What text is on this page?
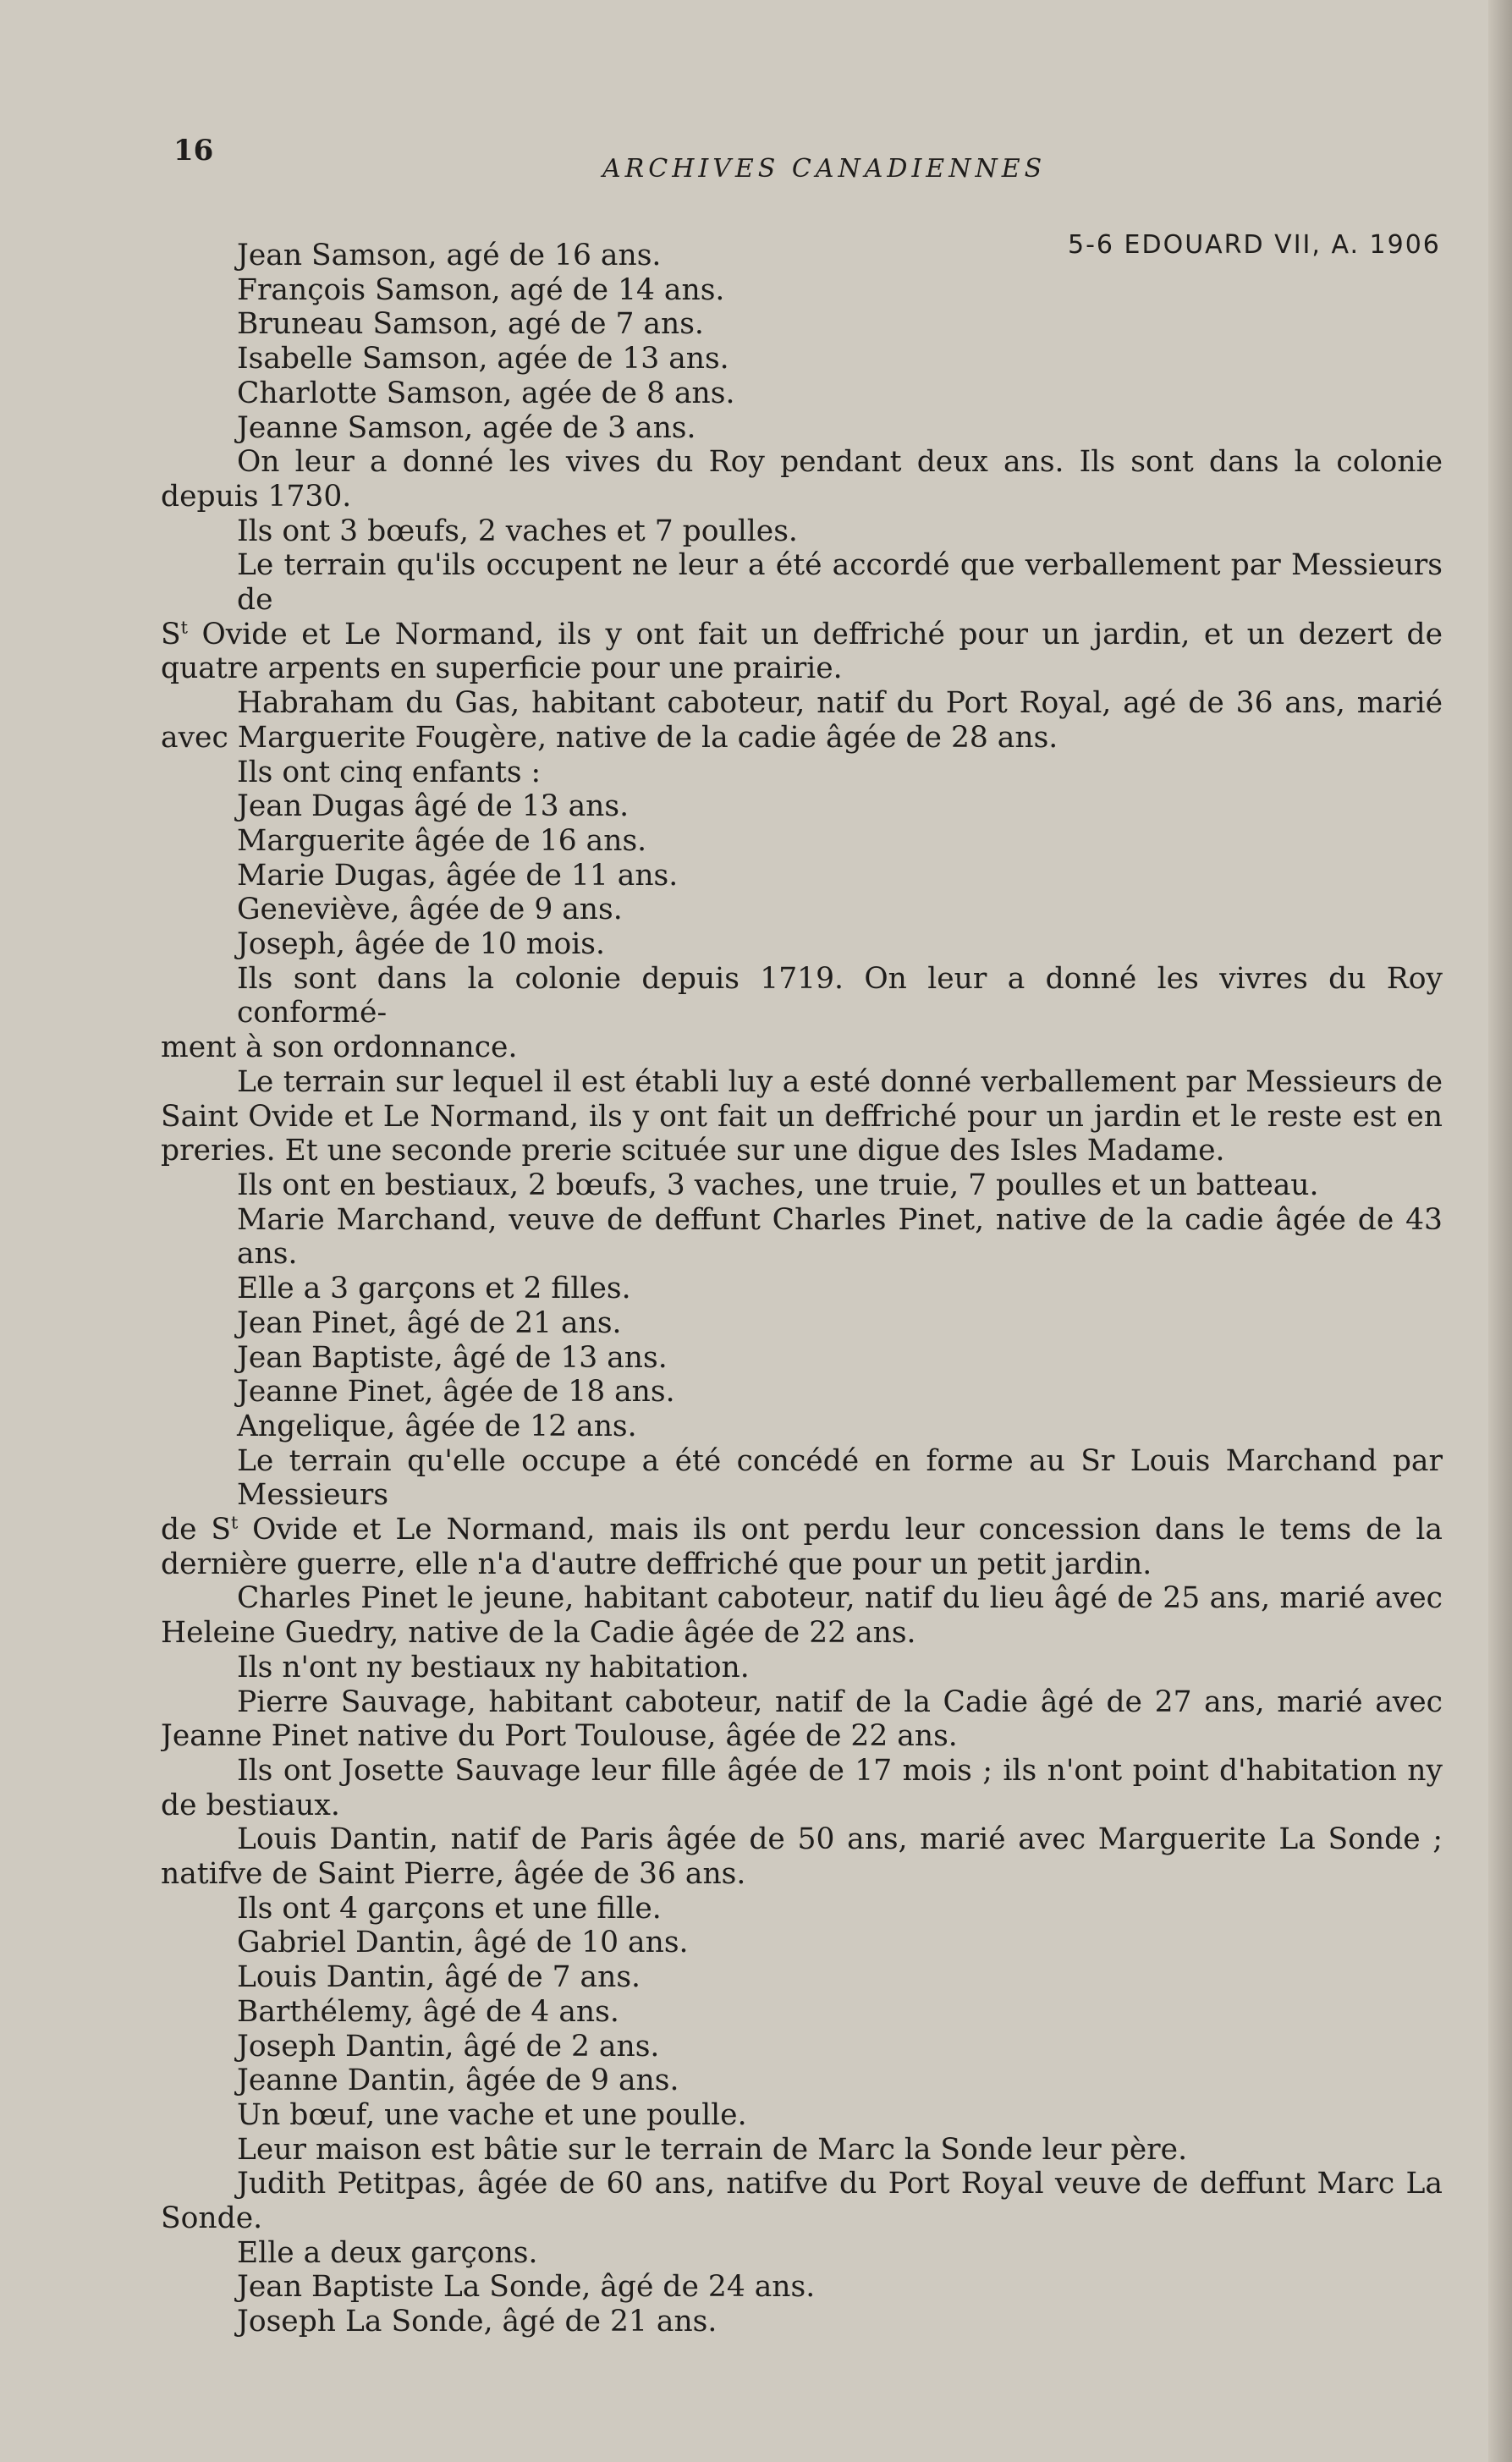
16
ARCHIVES CANADIENNES
5-6 EDOUARD VII, A. 1906
Jean Samson, agé de 16 ans.
François Samson, agé de 14 ans.
Bruneau Samson, agé de 7 ans.
Isabelle Samson, agée de 13 ans.
Charlotte Samson, agée de 8 ans.
Jeanne Samson, agée de 3 ans.
On leur a donné les vives du Roy pendant deux ans. Ils sont dans la colonie
depuis 1730.
Ils ont 3 bœufs, 2 vaches et 7 poulles.
Le terrain qu'ils occupent ne leur a été accordé que verballement par Messieurs de
$S^t$ Ovide et Le Normand, ils y ont fait un deffriché pour un jardin, et un dezert de
quatre arpents en superficie pour une prairie.
Habraham du Gas, habitant caboteur, natif du Port Royal, agé de 36 ans, marié
avec Marguerite Fougère, native de la cadie âgée de 28 ans.
Ils ont cinq enfants :
Jean Dugas âgé de 13 ans.
Marguerite âgée de 16 ans.
Marie Dugas, âgée de 11 ans.
Geneviève, âgée de 9 ans.
Joseph, âgée de 10 mois.
Ils sont dans la colonie depuis 1719. On leur a donné les vivres du Roy conformé-
ment à son ordonnance.
Le terrain sur lequel il est établi luy a esté donné verballement par Messieurs de
Saint Ovide et Le Normand, ils y ont fait un deffriché pour un jardin et le reste est en
preries. Et une seconde prerie scituée sur une digue des Isles Madame.
Ils ont en bestiaux, 2 bœufs, 3 vaches, une truie, 7 poulles et un batteau.
Marie Marchand, veuve de deffunt Charles Pinet, native de la cadie âgée de 43 ans.
Elle a 3 garçons et 2 filles.
Jean Pinet, âgé de 21 ans.
Jean Baptiste, âgé de 13 ans.
Jeanne Pinet, âgée de 18 ans.
Angelique, âgée de 12 ans.
Le terrain qu'elle occupe a été concédé en forme au Sr Louis Marchand par Messieurs
de $S^t$ Ovide et Le Normand, mais ils ont perdu leur concession dans le tems de la
dernière guerre, elle n'a d'autre deffriché que pour un petit jardin.
Charles Pinet le jeune, habitant caboteur, natif du lieu âgé de 25 ans, marié avec
Heleine Guedry, native de la Cadie âgée de 22 ans.
Ils n'ont ny bestiaux ny habitation.
Pierre Sauvage, habitant caboteur, natif de la Cadie âgé de 27 ans, marié avec
Jeanne Pinet native du Port Toulouse, âgée de 22 ans.
Ils ont Josette Sauvage leur fille âgée de 17 mois ; ils n'ont point d'habitation ny
de bestiaux.
Louis Dantin, natif de Paris âgée de 50 ans, marié avec Marguerite La Sonde ;
natifve de Saint Pierre, âgée de 36 ans.
Ils ont 4 garçons et une fille.
Gabriel Dantin, âgé de 10 ans.
Louis Dantin, âgé de 7 ans.
Barthélemy, âgé de 4 ans.
Joseph Dantin, âgé de 2 ans.
Jeanne Dantin, âgée de 9 ans.
Un bœuf, une vache et une poulle.
Leur maison est bâtie sur le terrain de Marc la Sonde leur père.
Judith Petitpas, âgée de 60 ans, natifve du Port Royal veuve de deffunt Marc La
Sonde.
Elle a deux garçons.
Jean Baptiste La Sonde, âgé de 24 ans.
Joseph La Sonde, âgé de 21 ans.
